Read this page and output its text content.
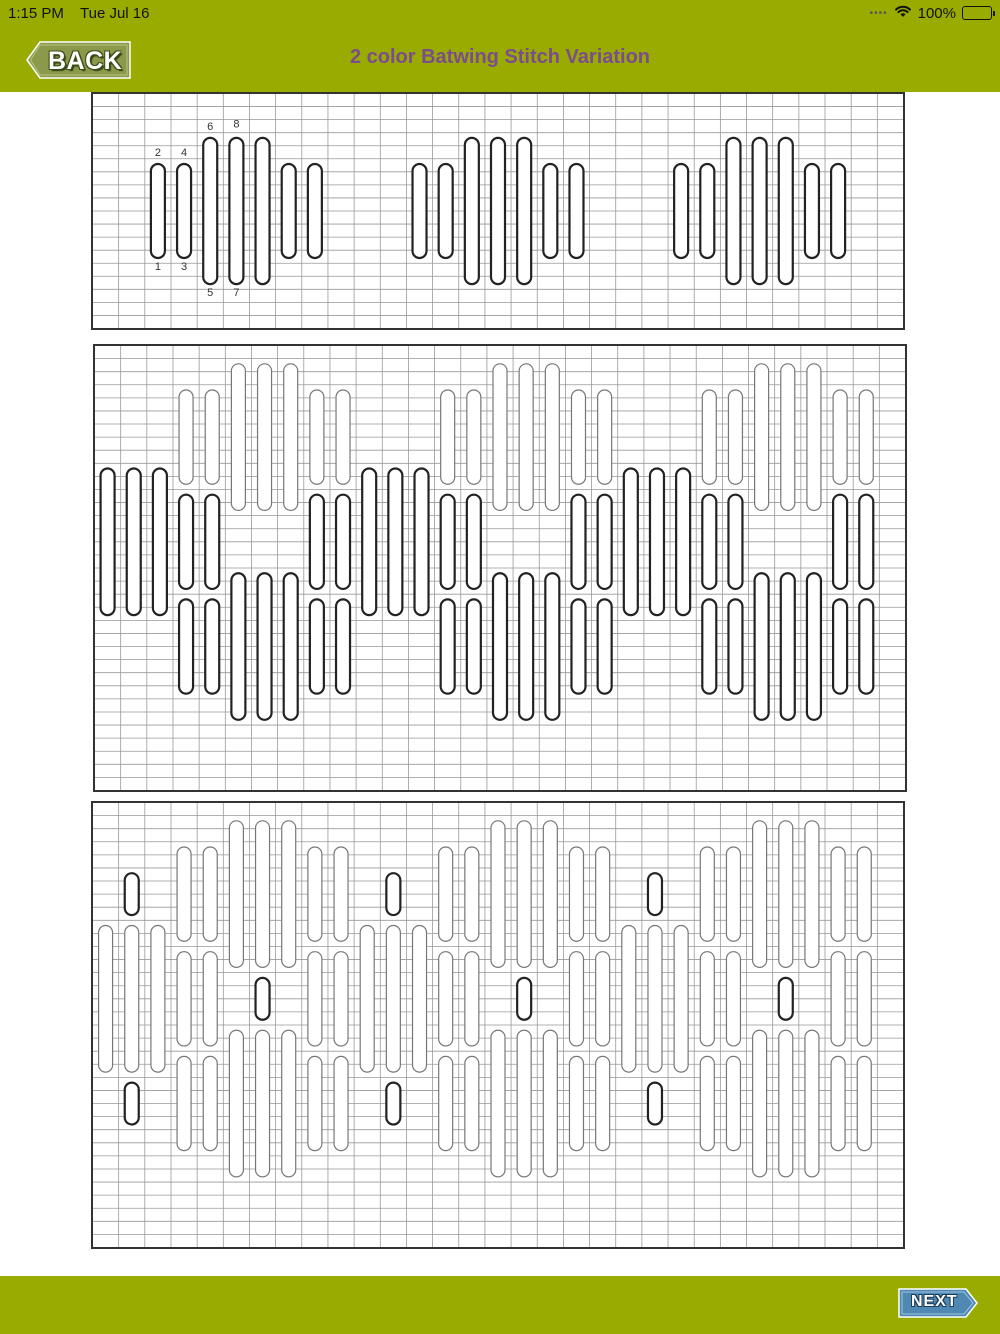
1:15 PM Tue Jul 16	•••• 100%
BACK	2 color Batwing Stitch Variation
2 4
6 8
1 3
5 7
NEXT
